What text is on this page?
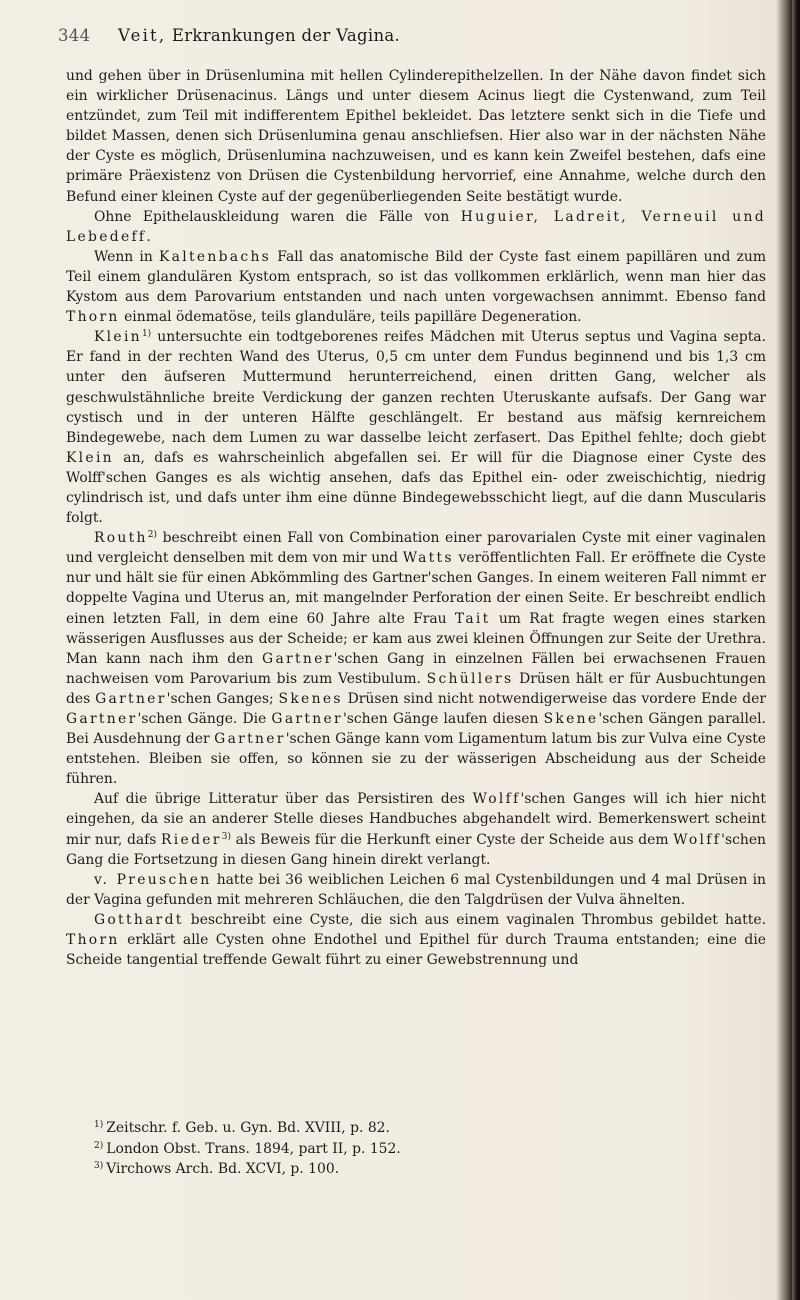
344 Veit, Erkrankungen der Vagina.

und gehen über in Drüsenlumina mit hellen Cylinderepithelzellen. In der Nähe davon findet sich ein wirklicher Drüsenacinus. Längs und unter diesem Acinus liegt die Cystenwand, zum Teil entzündet, zum Teil mit indifferentem Epithel bekleidet. Das letztere senkt sich in die Tiefe und bildet Massen, denen sich Drüsenlumina genau anschliefsen. Hier also war in der nächsten Nähe der Cyste es möglich, Drüsenlumina nachzuweisen, und es kann kein Zweifel bestehen, dafs eine primäre Präexistenz von Drüsen die Cystenbildung hervorrief, eine Annahme, welche durch den Befund einer kleinen Cyste auf der gegenüberliegenden Seite bestätigt wurde.

Ohne Epithelauskleidung waren die Fälle von Huguier, Ladreit, Verneuil und Lebedeff.

Wenn in Kaltenbachs Fall das anatomische Bild der Cyste fast einem papillären und zum Teil einem glandulären Kystom entsprach, so ist das vollkommen erklärlich, wenn man hier das Kystom aus dem Parovarium entstanden und nach unten vorgewachsen annimmt. Ebenso fand Thorn einmal ödematöse, teils glanduläre, teils papilläre Degeneration.

Klein$^{1)}$ untersuchte ein todtgeborenes reifes Mädchen mit Uterus septus und Vagina septa. Er fand in der rechten Wand des Uterus, 0,5 cm unter dem Fundus beginnend und bis 1,3 cm unter den äufseren Muttermund herunterreichend, einen dritten Gang, welcher als geschwulstähnliche breite Verdickung der ganzen rechten Uteruskante aufsafs. Der Gang war cystisch und in der unteren Hälfte geschlängelt. Er bestand aus mäfsig kernreichem Bindegewebe, nach dem Lumen zu war dasselbe leicht zerfasert. Das Epithel fehlte; doch giebt Klein an, dafs es wahrscheinlich abgefallen sei. Er will für die Diagnose einer Cyste des Wolff'schen Ganges es als wichtig ansehen, dafs das Epithel ein- oder zweischichtig, niedrig cylindrisch ist, und dafs unter ihm eine dünne Bindegewebsschicht liegt, auf die dann Muscularis folgt.

Routh$^{2)}$ beschreibt einen Fall von Combination einer parovarialen Cyste mit einer vaginalen und vergleicht denselben mit dem von mir und Watts veröffentlichten Fall. Er eröffnete die Cyste nur und hält sie für einen Abkömmling des Gartner'schen Ganges. In einem weiteren Fall nimmt er doppelte Vagina und Uterus an, mit mangelnder Perforation der einen Seite. Er beschreibt endlich einen letzten Fall, in dem eine 60 Jahre alte Frau Tait um Rat fragte wegen eines starken wässerigen Ausflusses aus der Scheide; er kam aus zwei kleinen Öffnungen zur Seite der Urethra. Man kann nach ihm den Gartner'schen Gang in einzelnen Fällen bei erwachsenen Frauen nachweisen vom Parovarium bis zum Vestibulum. Schüllers Drüsen hält er für Ausbuchtungen des Gartner'schen Ganges; Skenes Drüsen sind nicht notwendigerweise das vordere Ende der Gartner'schen Gänge. Die Gartner'schen Gänge laufen diesen Skene'schen Gängen parallel. Bei Ausdehnung der Gartner'schen Gänge kann vom Ligamentum latum bis zur Vulva eine Cyste entstehen. Bleiben sie offen, so können sie zu der wässerigen Abscheidung aus der Scheide führen.

Auf die übrige Litteratur über das Persistiren des Wolff'schen Ganges will ich hier nicht eingehen, da sie an anderer Stelle dieses Handbuches abgehandelt wird. Bemerkenswert scheint mir nur, dafs Rieder$^{3)}$ als Beweis für die Herkunft einer Cyste der Scheide aus dem Wolff'schen Gang die Fortsetzung in diesen Gang hinein direkt verlangt.

v. Preuschen hatte bei 36 weiblichen Leichen 6 mal Cystenbildungen und 4 mal Drüsen in der Vagina gefunden mit mehreren Schläuchen, die den Talgdrüsen der Vulva ähnelten.

Gotthardt beschreibt eine Cyste, die sich aus einem vaginalen Thrombus gebildet hatte. Thorn erklärt alle Cysten ohne Endothel und Epithel für durch Trauma entstanden; eine die Scheide tangential treffende Gewalt führt zu einer Gewebstrennung und

$^{1)}$ Zeitschr. f. Geb. u. Gyn. Bd. XVIII, p. 82.

$^{2)}$ London Obst. Trans. 1894, part II, p. 152.

$^{3)}$ Virchows Arch. Bd. XCVI, p. 100.
